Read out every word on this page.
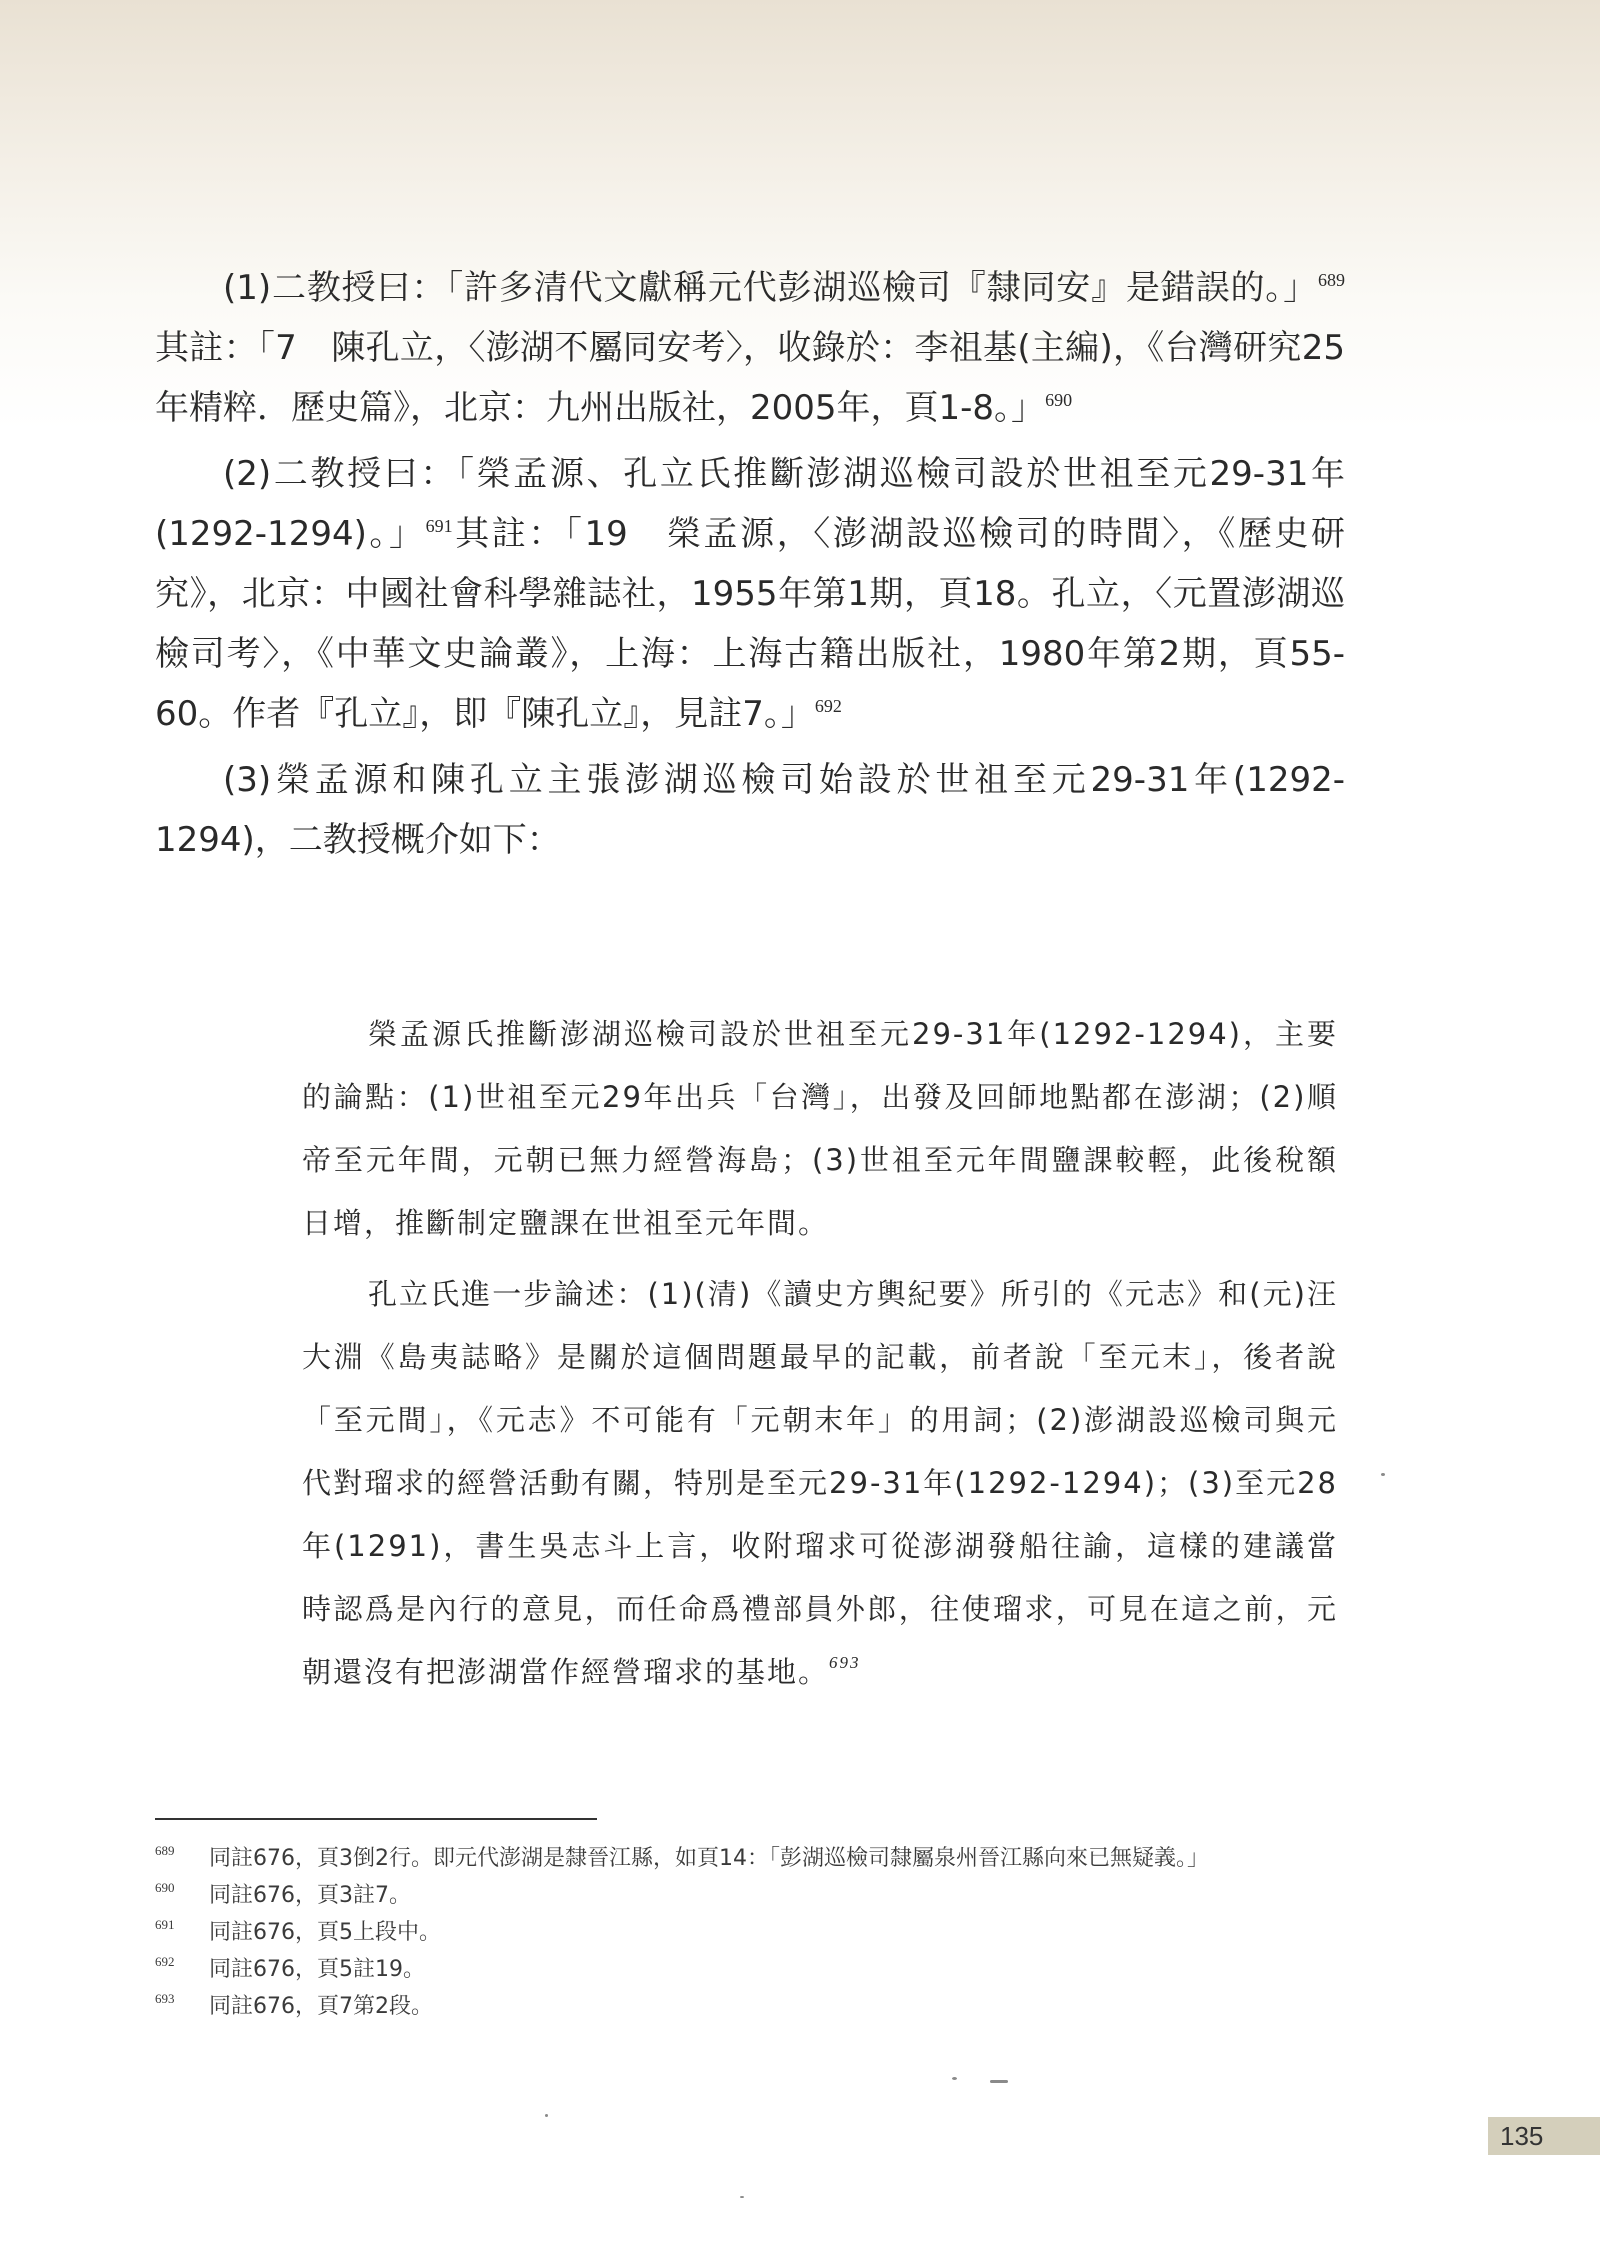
(1)二教授曰：「許多清代文獻稱元代彭湖巡檢司『隸同安』是錯誤的。」$^{689}$其註：「7　陳孔立，〈澎湖不屬同安考〉，收錄於：李祖基(主編)，《台灣研究25年精粹．歷史篇》，北京：九州出版社，2005年，頁1-8。」$^{690}$

(2)二教授曰：「榮孟源、孔立氏推斷澎湖巡檢司設於世祖至元29-31年(1292-1294)。」$^{691}$其註：「19　榮孟源，〈澎湖設巡檢司的時間〉，《歷史研究》，北京：中國社會科學雜誌社，1955年第1期，頁18。孔立，〈元置澎湖巡檢司考〉，《中華文史論叢》，上海：上海古籍出版社，1980年第2期，頁55-60。作者『孔立』，即『陳孔立』，見註7。」$^{692}$

(3)榮孟源和陳孔立主張澎湖巡檢司始設於世祖至元29-31年(1292-1294)，二教授概介如下：

榮孟源氏推斷澎湖巡檢司設於世祖至元29-31年(1292-1294)，主要的論點：(1)世祖至元29年出兵「台灣」，出發及回師地點都在澎湖；(2)順帝至元年間，元朝已無力經營海島；(3)世祖至元年間鹽課較輕，此後稅額日增，推斷制定鹽課在世祖至元年間。

孔立氏進一步論述：(1)(清)《讀史方輿紀要》所引的《元志》和(元)汪大淵《島夷誌略》是關於這個問題最早的記載，前者說「至元末」，後者說「至元間」，《元志》不可能有「元朝末年」的用詞；(2)澎湖設巡檢司與元代對瑠求的經營活動有關，特別是至元29-31年(1292-1294)；(3)至元28年(1291)，書生吳志斗上言，收附瑠求可從澎湖發船往諭，這樣的建議當時認爲是內行的意見，而任命爲禮部員外郎，往使瑠求，可見在這之前，元朝還沒有把澎湖當作經營瑠求的基地。$^{693}$

689 同註676，頁3倒2行。即元代澎湖是隸晉江縣，如頁14：「彭湖巡檢司隸屬泉州晉江縣向來已無疑義。」
690 同註676，頁3註7。
691 同註676，頁5上段中。
692 同註676，頁5註19。
693 同註676，頁7第2段。
135
